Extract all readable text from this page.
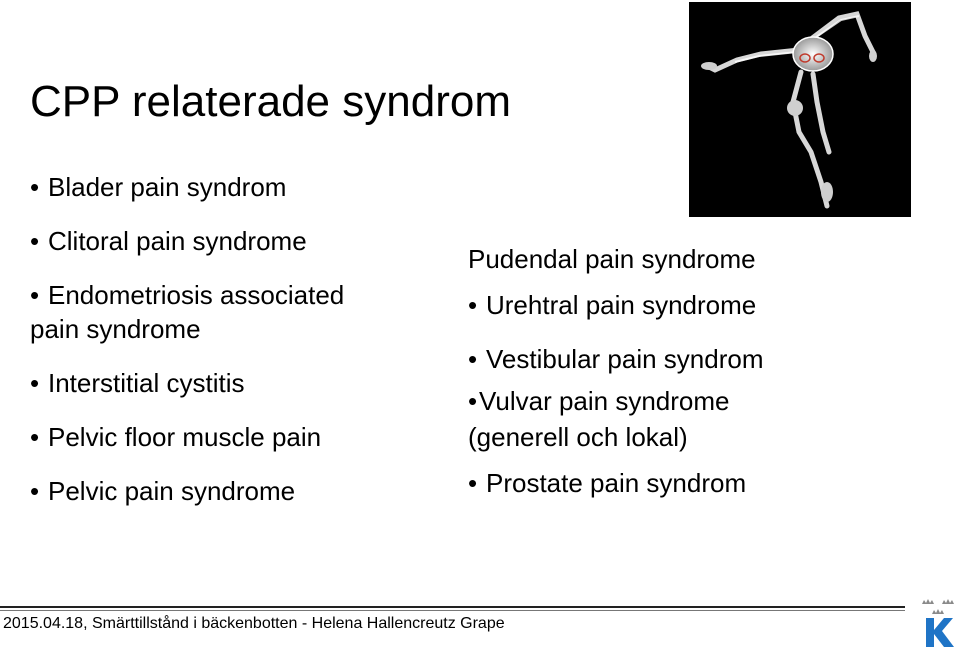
CPP relaterade syndrom
• Blader pain syndrom
• Clitoral pain syndrome
• Endometriosis associated
pain syndrome
• Interstitial cystitis
• Pelvic floor muscle pain
• Pelvic pain syndrome
Pudendal pain syndrome
• Urehtral pain syndrome
• Vestibular pain syndrom
•Vulvar pain syndrome
(generell och lokal)
• Prostate pain syndrom
2015.04.18, Smärttillstånd i bäckenbotten - Helena Hallencreutz Grape
